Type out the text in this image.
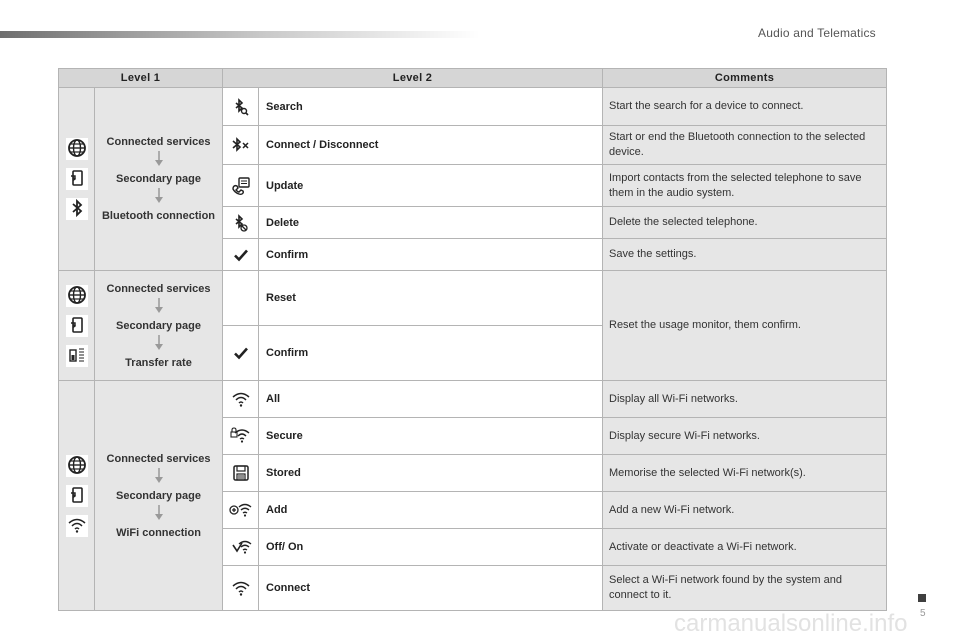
Audio and Telematics
Level 1		Level 2		Comments

Connected services
Secondary page
Bluetooth connection		Search	Start the search for a device to connect.

	Connect / Disconnect	Start or end the Bluetooth connection to the selected device.

	Update	Import contacts from the selected telephone to save them in the audio system.

	Delete	Delete the selected telephone.

	Confirm	Save the settings.

Connected services
Secondary page
Transfer rate		Reset	Reset the usage monitor, them confirm.

	Confirm	

Connected services
Secondary page
WiFi connection		All	Display all Wi-Fi networks.

	Secure	Display secure Wi-Fi networks.

	Stored	Memorise the selected Wi-Fi network(s).

	Add	Add a new Wi-Fi network.

	Off/ On	Activate or deactivate a Wi-Fi network.

	Connect	Select a Wi-Fi network found by the system and connect to it.
5
carmanualsonline.info
